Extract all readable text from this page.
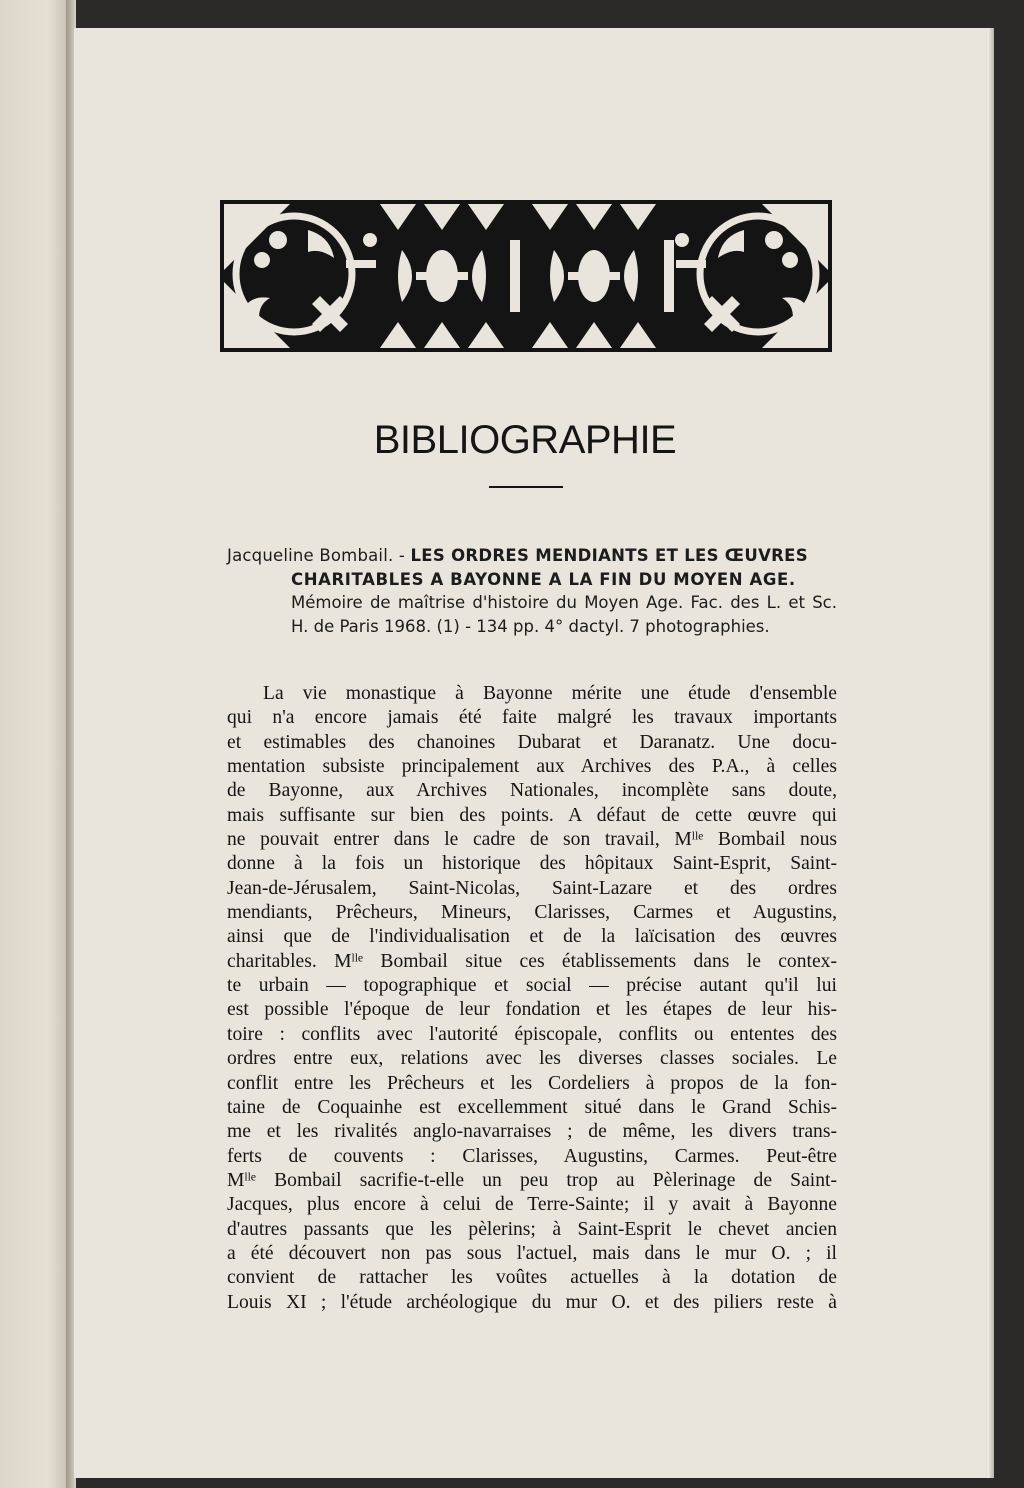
BIBLIOGRAPHIE
Jacqueline Bombail. - LES ORDRES MENDIANTS ET LES ŒUVRES
CHARITABLES A BAYONNE A LA FIN DU MOYEN AGE.
Mémoire de maîtrise d'histoire du Moyen Age. Fac. des L. et Sc. H. de Paris 1968. (1) - 134 pp. 4° dactyl. 7 photographies.
La vie monastique à Bayonne mérite une étude d'ensemble
qui n'a encore jamais été faite malgré les travaux importants
et estimables des chanoines Dubarat et Daranatz. Une docu-
mentation subsiste principalement aux Archives des P.A., à celles
de Bayonne, aux Archives Nationales, incomplète sans doute,
mais suffisante sur bien des points. A défaut de cette œuvre qui
ne pouvait entrer dans le cadre de son travail, Mˡˡᵉ Bombail nous
donne à la fois un historique des hôpitaux Saint-Esprit, Saint-
Jean-de-Jérusalem, Saint-Nicolas, Saint-Lazare et des ordres
mendiants, Prêcheurs, Mineurs, Clarisses, Carmes et Augustins,
ainsi que de l'individualisation et de la laïcisation des œuvres
charitables. Mˡˡᵉ Bombail situe ces établissements dans le contex-
te urbain — topographique et social — précise autant qu'il lui
est possible l'époque de leur fondation et les étapes de leur his-
toire : conflits avec l'autorité épiscopale, conflits ou ententes des
ordres entre eux, relations avec les diverses classes sociales. Le
conflit entre les Prêcheurs et les Cordeliers à propos de la fon-
taine de Coquainhe est excellemment situé dans le Grand Schis-
me et les rivalités anglo-navarraises ; de même, les divers trans-
ferts de couvents : Clarisses, Augustins, Carmes. Peut-être
Mˡˡᵉ Bombail sacrifie-t-elle un peu trop au Pèlerinage de Saint-
Jacques, plus encore à celui de Terre-Sainte; il y avait à Bayonne
d'autres passants que les pèlerins; à Saint-Esprit le chevet ancien
a été découvert non pas sous l'actuel, mais dans le mur O. ; il
convient de rattacher les voûtes actuelles à la dotation de
Louis XI ; l'étude archéologique du mur O. et des piliers reste à
